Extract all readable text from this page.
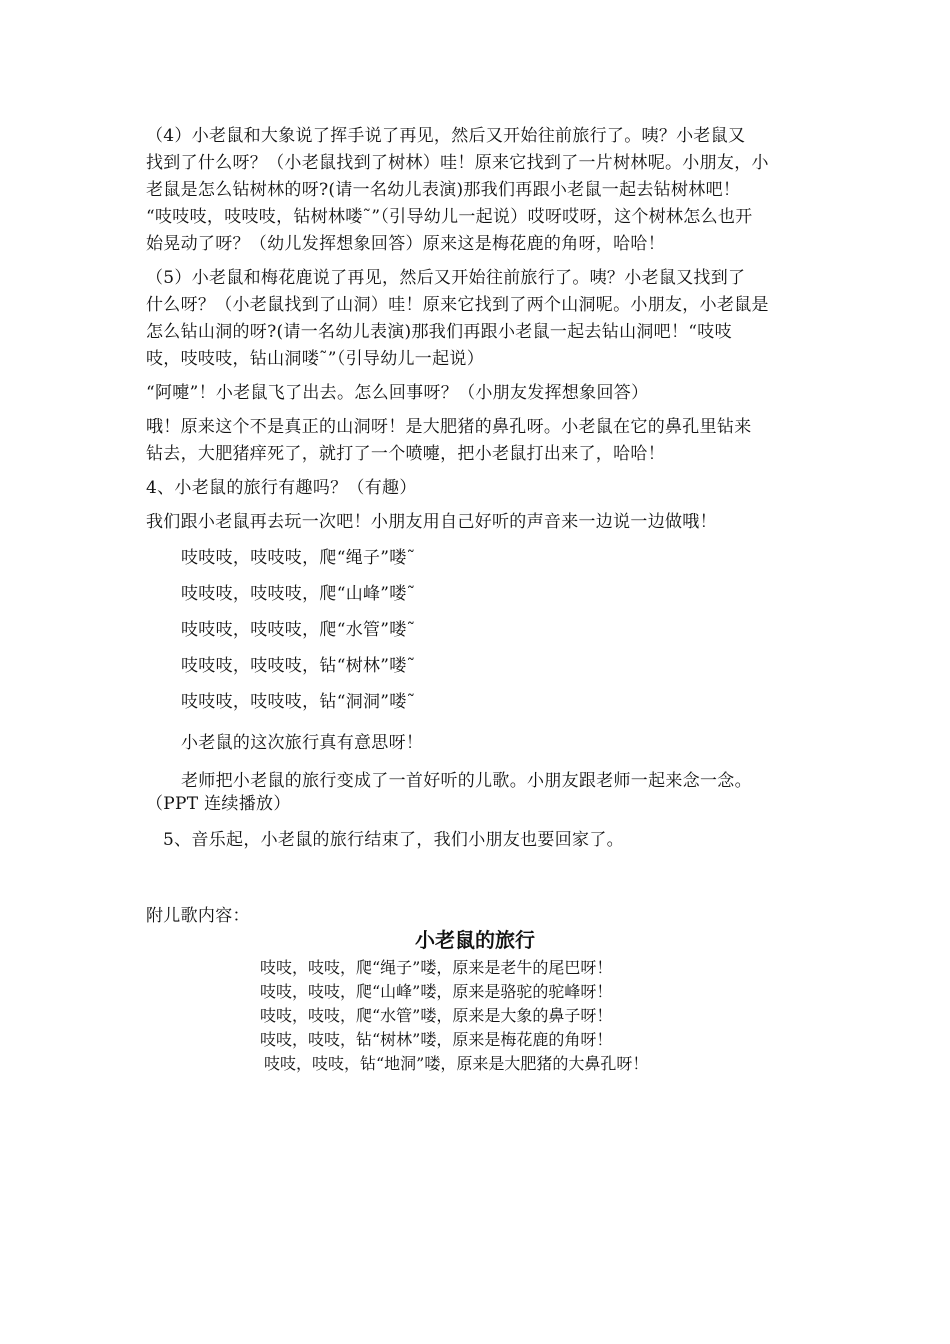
（4）小老鼠和大象说了挥手说了再见，然后又开始往前旅行了。咦？小老鼠又
找到了什么呀？（小老鼠找到了树林）哇！原来它找到了一片树林呢。小朋友，小
老鼠是怎么钻树林的呀?(请一名幼儿表演)那我们再跟小老鼠一起去钻树林吧！
“吱吱吱，吱吱吱，钻树林喽˜”（引导幼儿一起说）哎呀哎呀，这个树林怎么也开
始晃动了呀？（幼儿发挥想象回答）原来这是梅花鹿的角呀，哈哈！
（5）小老鼠和梅花鹿说了再见，然后又开始往前旅行了。咦？小老鼠又找到了
什么呀？（小老鼠找到了山洞）哇！原来它找到了两个山洞呢。小朋友，小老鼠是
怎么钻山洞的呀?(请一名幼儿表演)那我们再跟小老鼠一起去钻山洞吧！“吱吱
吱，吱吱吱，钻山洞喽˜”（引导幼儿一起说）
“阿嚏”！小老鼠飞了出去。怎么回事呀？（小朋友发挥想象回答）
哦！原来这个不是真正的山洞呀！是大肥猪的鼻孔呀。小老鼠在它的鼻孔里钻来
钻去，大肥猪痒死了，就打了一个喷嚏，把小老鼠打出来了，哈哈！
4、小老鼠的旅行有趣吗？（有趣）
我们跟小老鼠再去玩一次吧！小朋友用自己好听的声音来一边说一边做哦！
吱吱吱，吱吱吱，爬“绳子”喽˜
吱吱吱，吱吱吱，爬“山峰”喽˜
吱吱吱，吱吱吱，爬“水管”喽˜
吱吱吱，吱吱吱，钻“树林”喽˜
吱吱吱，吱吱吱，钻“洞洞”喽˜
小老鼠的这次旅行真有意思呀！
老师把小老鼠的旅行变成了一首好听的儿歌。小朋友跟老师一起来念一念。
（PPT 连续播放）
5、音乐起，小老鼠的旅行结束了，我们小朋友也要回家了。
附儿歌内容：
小老鼠的旅行
吱吱，吱吱，爬“绳子”喽，原来是老牛的尾巴呀！
吱吱，吱吱，爬“山峰”喽，原来是骆驼的驼峰呀！
吱吱，吱吱，爬“水管”喽，原来是大象的鼻子呀！
吱吱，吱吱，钻“树林”喽，原来是梅花鹿的角呀！
吱吱，吱吱，钻“地洞”喽，原来是大肥猪的大鼻孔呀！
